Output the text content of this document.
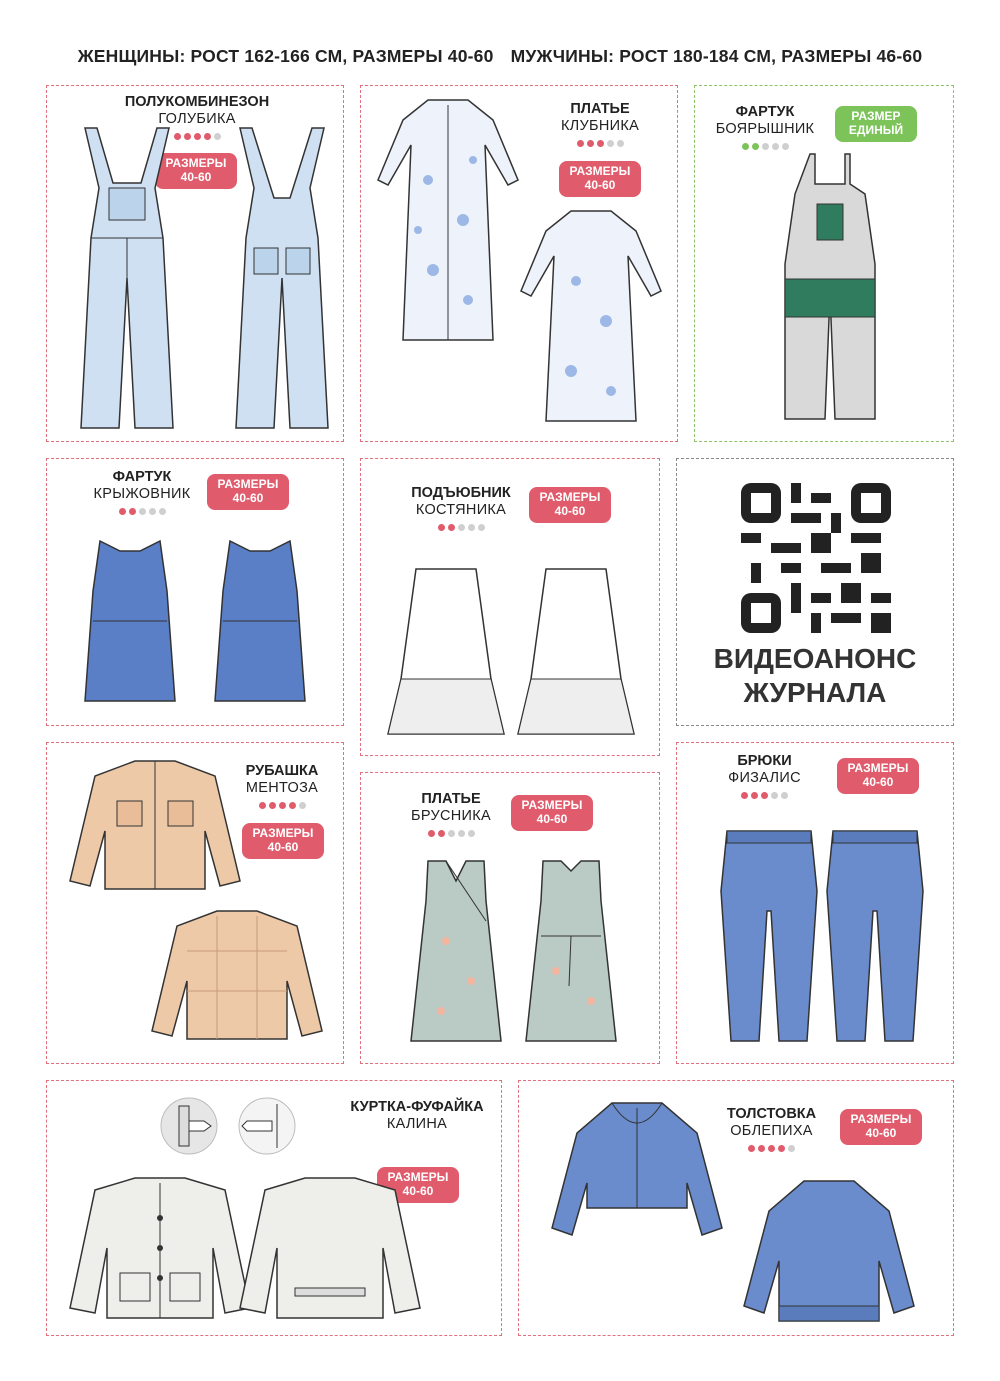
ЖЕНЩИНЫ: РОСТ 162-166 СМ, РАЗМЕРЫ 40-60 МУЖЧИНЫ: РОСТ 180-184 СМ, РАЗМЕРЫ 46-60
ПОЛУКОМБИНЕЗОН
ГОЛУБИКА
РАЗМЕРЫ
40-60
ПЛАТЬЕ
КЛУБНИКА
РАЗМЕРЫ
40-60
ФАРТУК
БОЯРЫШНИК
РАЗМЕР
ЕДИНЫЙ
ФАРТУК
КРЫЖОВНИК
РАЗМЕРЫ
40-60	ПОДЪЮБНИК
КОСТЯНИКА
РАЗМЕРЫ
40-60
ВИДЕОАНОНС
ЖУРНАЛА
РУБАШКА
МЕНТОЗА
РАЗМЕРЫ
40-60
ПЛАТЬЕ
БРУСНИКА
РАЗМЕРЫ
40-60
БРЮКИ
ФИЗАЛИС
РАЗМЕРЫ
40-60
КУРТКА-ФУФАЙКА
КАЛИНА
РАЗМЕРЫ
40-60
ТОЛСТОВКА
ОБЛЕПИХА
РАЗМЕРЫ
40-60
